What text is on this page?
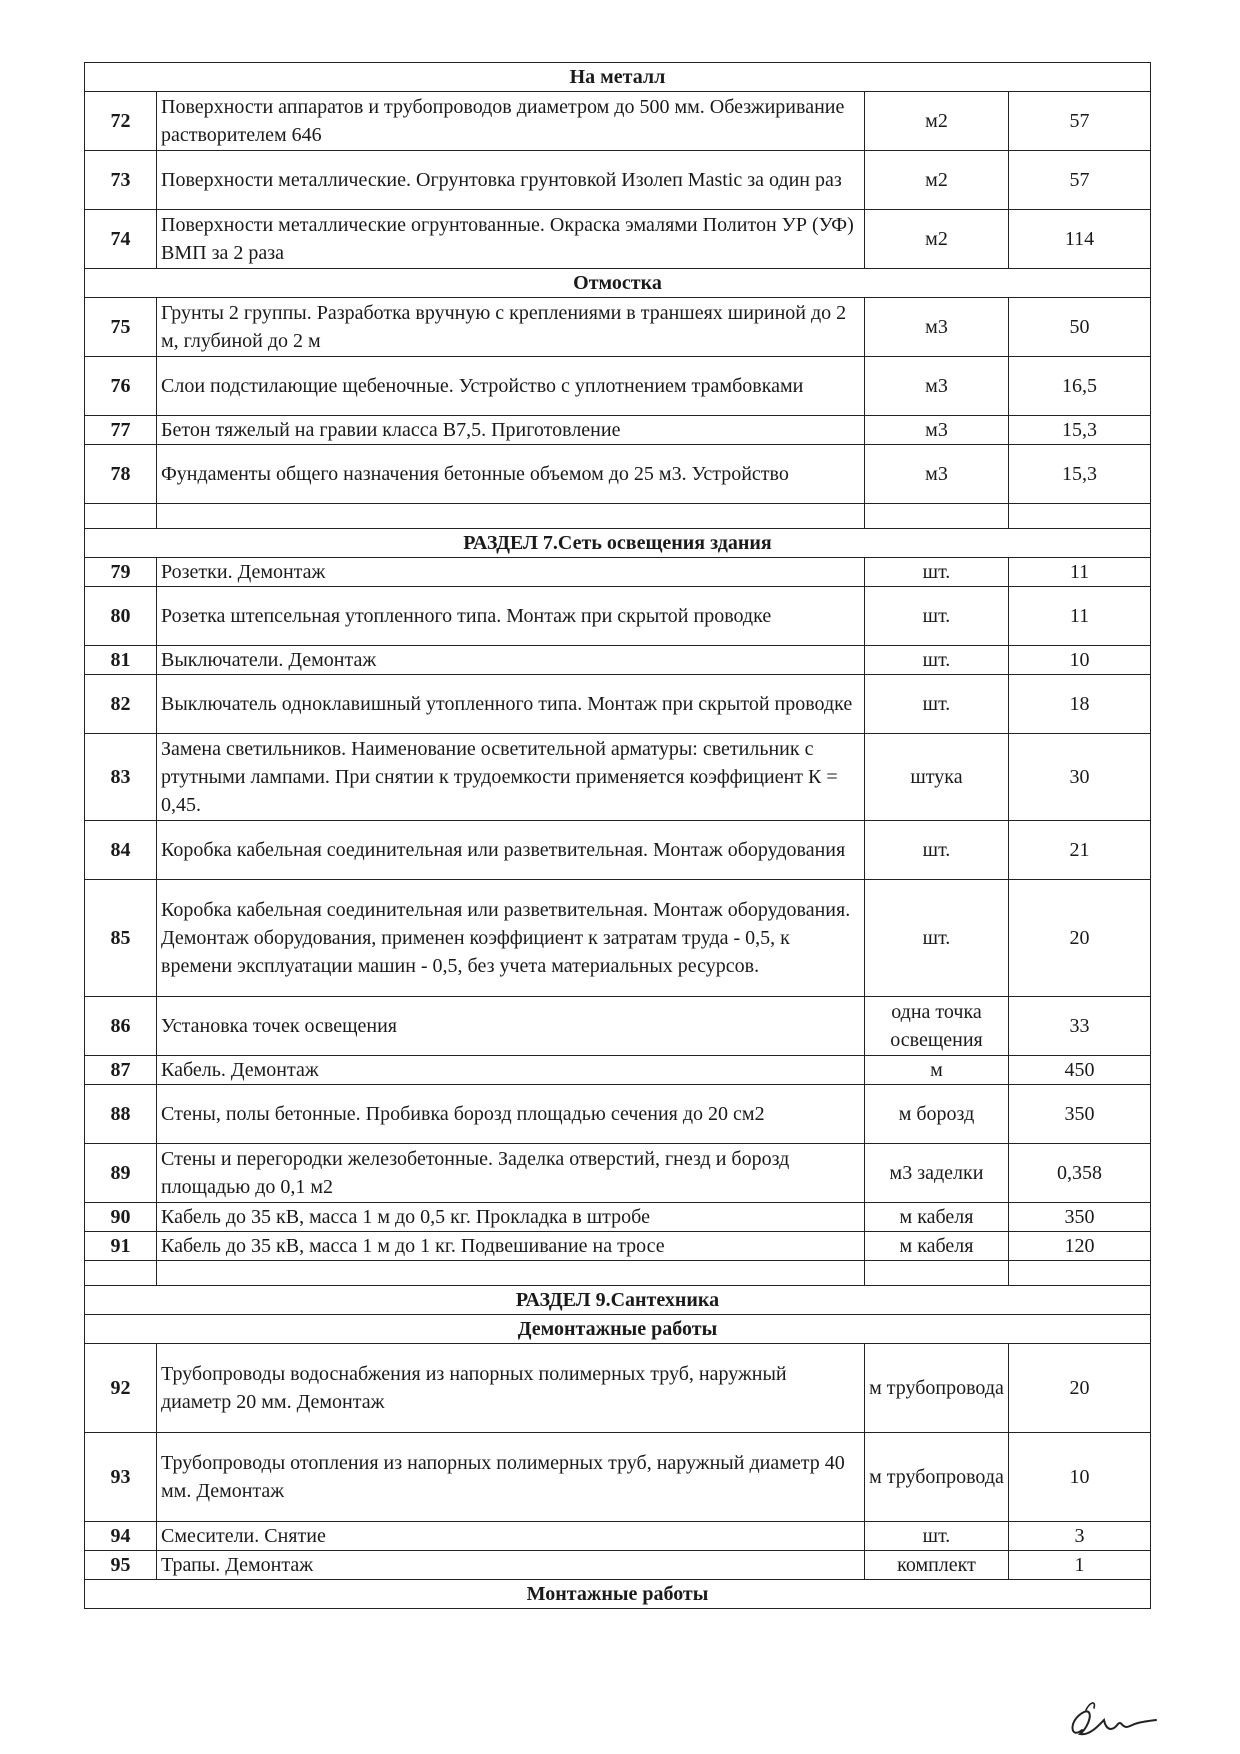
На металл			
72	Поверхности аппаратов и трубопроводов диаметром до 500 мм. Обезжиривание растворителем 646	м2	57
73	Поверхности металлические. Огрунтовка грунтовкой Изолеп Mastic за один раз	м2	57
74	Поверхности металлические огрунтованные. Окраска эмалями Политон УР (УФ) ВМП за 2 раза	м2	114
Отмостка			
75	Грунты 2 группы. Разработка вручную с креплениями в траншеях шириной до 2 м, глубиной до 2 м	м3	50
76	Слои подстилающие щебеночные. Устройство с уплотнением трамбовками	м3	16,5
77	Бетон тяжелый на гравии класса В7,5. Приготовление	м3	15,3
78	Фундаменты общего назначения бетонные объемом до 25 м3. Устройство	м3	15,3

РАЗДЕЛ 7.Сеть освещения здания			
79	Розетки. Демонтаж	шт.	11
80	Розетка штепсельная утопленного типа. Монтаж при скрытой проводке	шт.	11
81	Выключатели. Демонтаж	шт.	10
82	Выключатель одноклавишный утопленного типа. Монтаж при скрытой проводке	шт.	18
83	Замена светильников. Наименование осветительной арматуры: светильник с ртутными лампами. При снятии к трудоемкости применяется коэффициент К = 0,45.	штука	30
84	Коробка кабельная соединительная или разветвительная. Монтаж оборудования	шт.	21
85	Коробка кабельная соединительная или разветвительная. Монтаж оборудования. Демонтаж оборудования, применен коэффициент к затратам труда - 0,5, к времени эксплуатации машин - 0,5, без учета материальных ресурсов.	шт.	20
86	Установка точек освещения	одна точка освещения	33
87	Кабель. Демонтаж	м	450
88	Стены, полы бетонные. Пробивка борозд площадью сечения до 20 см2	м борозд	350
89	Стены и перегородки железобетонные. Заделка отверстий, гнезд и борозд площадью до 0,1 м2	м3 заделки	0,358
90	Кабель до 35 кВ, масса 1 м до 0,5 кг. Прокладка в штробе	м кабеля	350
91	Кабель до 35 кВ, масса 1 м до 1 кг. Подвешивание на тросе	м кабеля	120

РАЗДЕЛ 9.Сантехника			
Демонтажные работы			
92	Трубопроводы водоснабжения из напорных полимерных труб, наружный диаметр 20 мм. Демонтаж	м трубопровода	20
93	Трубопроводы отопления из напорных полимерных труб, наружный диаметр 40 мм. Демонтаж	м трубопровода	10
94	Смесители. Снятие	шт.	3
95	Трапы. Демонтаж	комплект	1
Монтажные работы			
